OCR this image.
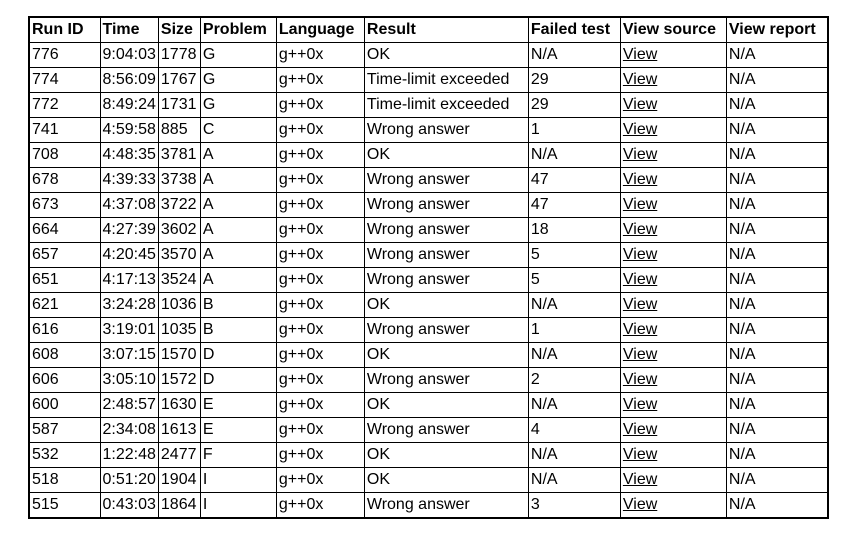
Run ID	Time	Size	Problem	Language	Result	Failed test	View source	View report
776	9:04:03	1778	G	g++0x	OK	N/A	View	N/A
774	8:56:09	1767	G	g++0x	Time-limit exceeded	29	View	N/A
772	8:49:24	1731	G	g++0x	Time-limit exceeded	29	View	N/A
741	4:59:58	885	C	g++0x	Wrong answer	1	View	N/A
708	4:48:35	3781	A	g++0x	OK	N/A	View	N/A
678	4:39:33	3738	A	g++0x	Wrong answer	47	View	N/A
673	4:37:08	3722	A	g++0x	Wrong answer	47	View	N/A
664	4:27:39	3602	A	g++0x	Wrong answer	18	View	N/A
657	4:20:45	3570	A	g++0x	Wrong answer	5	View	N/A
651	4:17:13	3524	A	g++0x	Wrong answer	5	View	N/A
621	3:24:28	1036	B	g++0x	OK	N/A	View	N/A
616	3:19:01	1035	B	g++0x	Wrong answer	1	View	N/A
608	3:07:15	1570	D	g++0x	OK	N/A	View	N/A
606	3:05:10	1572	D	g++0x	Wrong answer	2	View	N/A
600	2:48:57	1630	E	g++0x	OK	N/A	View	N/A
587	2:34:08	1613	E	g++0x	Wrong answer	4	View	N/A
532	1:22:48	2477	F	g++0x	OK	N/A	View	N/A
518	0:51:20	1904	I	g++0x	OK	N/A	View	N/A
515	0:43:03	1864	I	g++0x	Wrong answer	3	View	N/A
